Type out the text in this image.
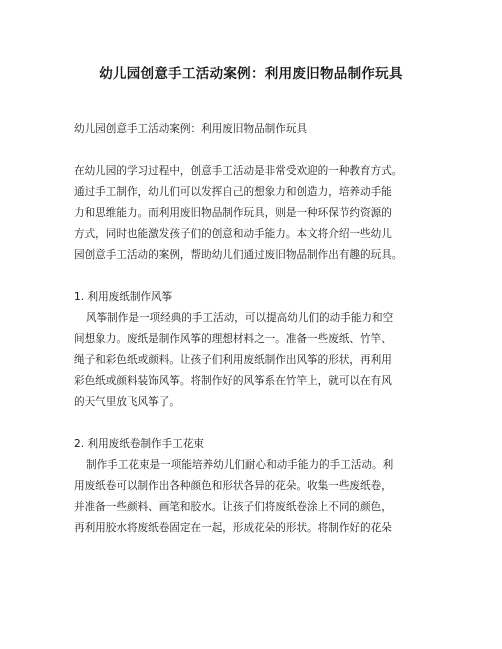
幼儿园创意手工活动案例：利用废旧物品制作玩具
幼儿园创意手工活动案例：利用废旧物品制作玩具
在幼儿园的学习过程中，创意手工活动是非常受欢迎的一种教育方式。
通过手工制作，幼儿们可以发挥自己的想象力和创造力，培养动手能
力和思维能力。而利用废旧物品制作玩具，则是一种环保节约资源的
方式，同时也能激发孩子们的创意和动手能力。本文将介绍一些幼儿
园创意手工活动的案例，帮助幼儿们通过废旧物品制作出有趣的玩具。
1. 利用废纸制作风筝
风筝制作是一项经典的手工活动，可以提高幼儿们的动手能力和空
间想象力。废纸是制作风筝的理想材料之一。准备一些废纸、竹竿、
绳子和彩色纸或颜料。让孩子们利用废纸制作出风筝的形状，再利用
彩色纸或颜料装饰风筝。将制作好的风筝系在竹竿上，就可以在有风
的天气里放飞风筝了。
2. 利用废纸卷制作手工花束
制作手工花束是一项能培养幼儿们耐心和动手能力的手工活动。利
用废纸卷可以制作出各种颜色和形状各异的花朵。收集一些废纸卷，
并准备一些颜料、画笔和胶水。让孩子们将废纸卷涂上不同的颜色，
再利用胶水将废纸卷固定在一起，形成花朵的形状。将制作好的花朵
